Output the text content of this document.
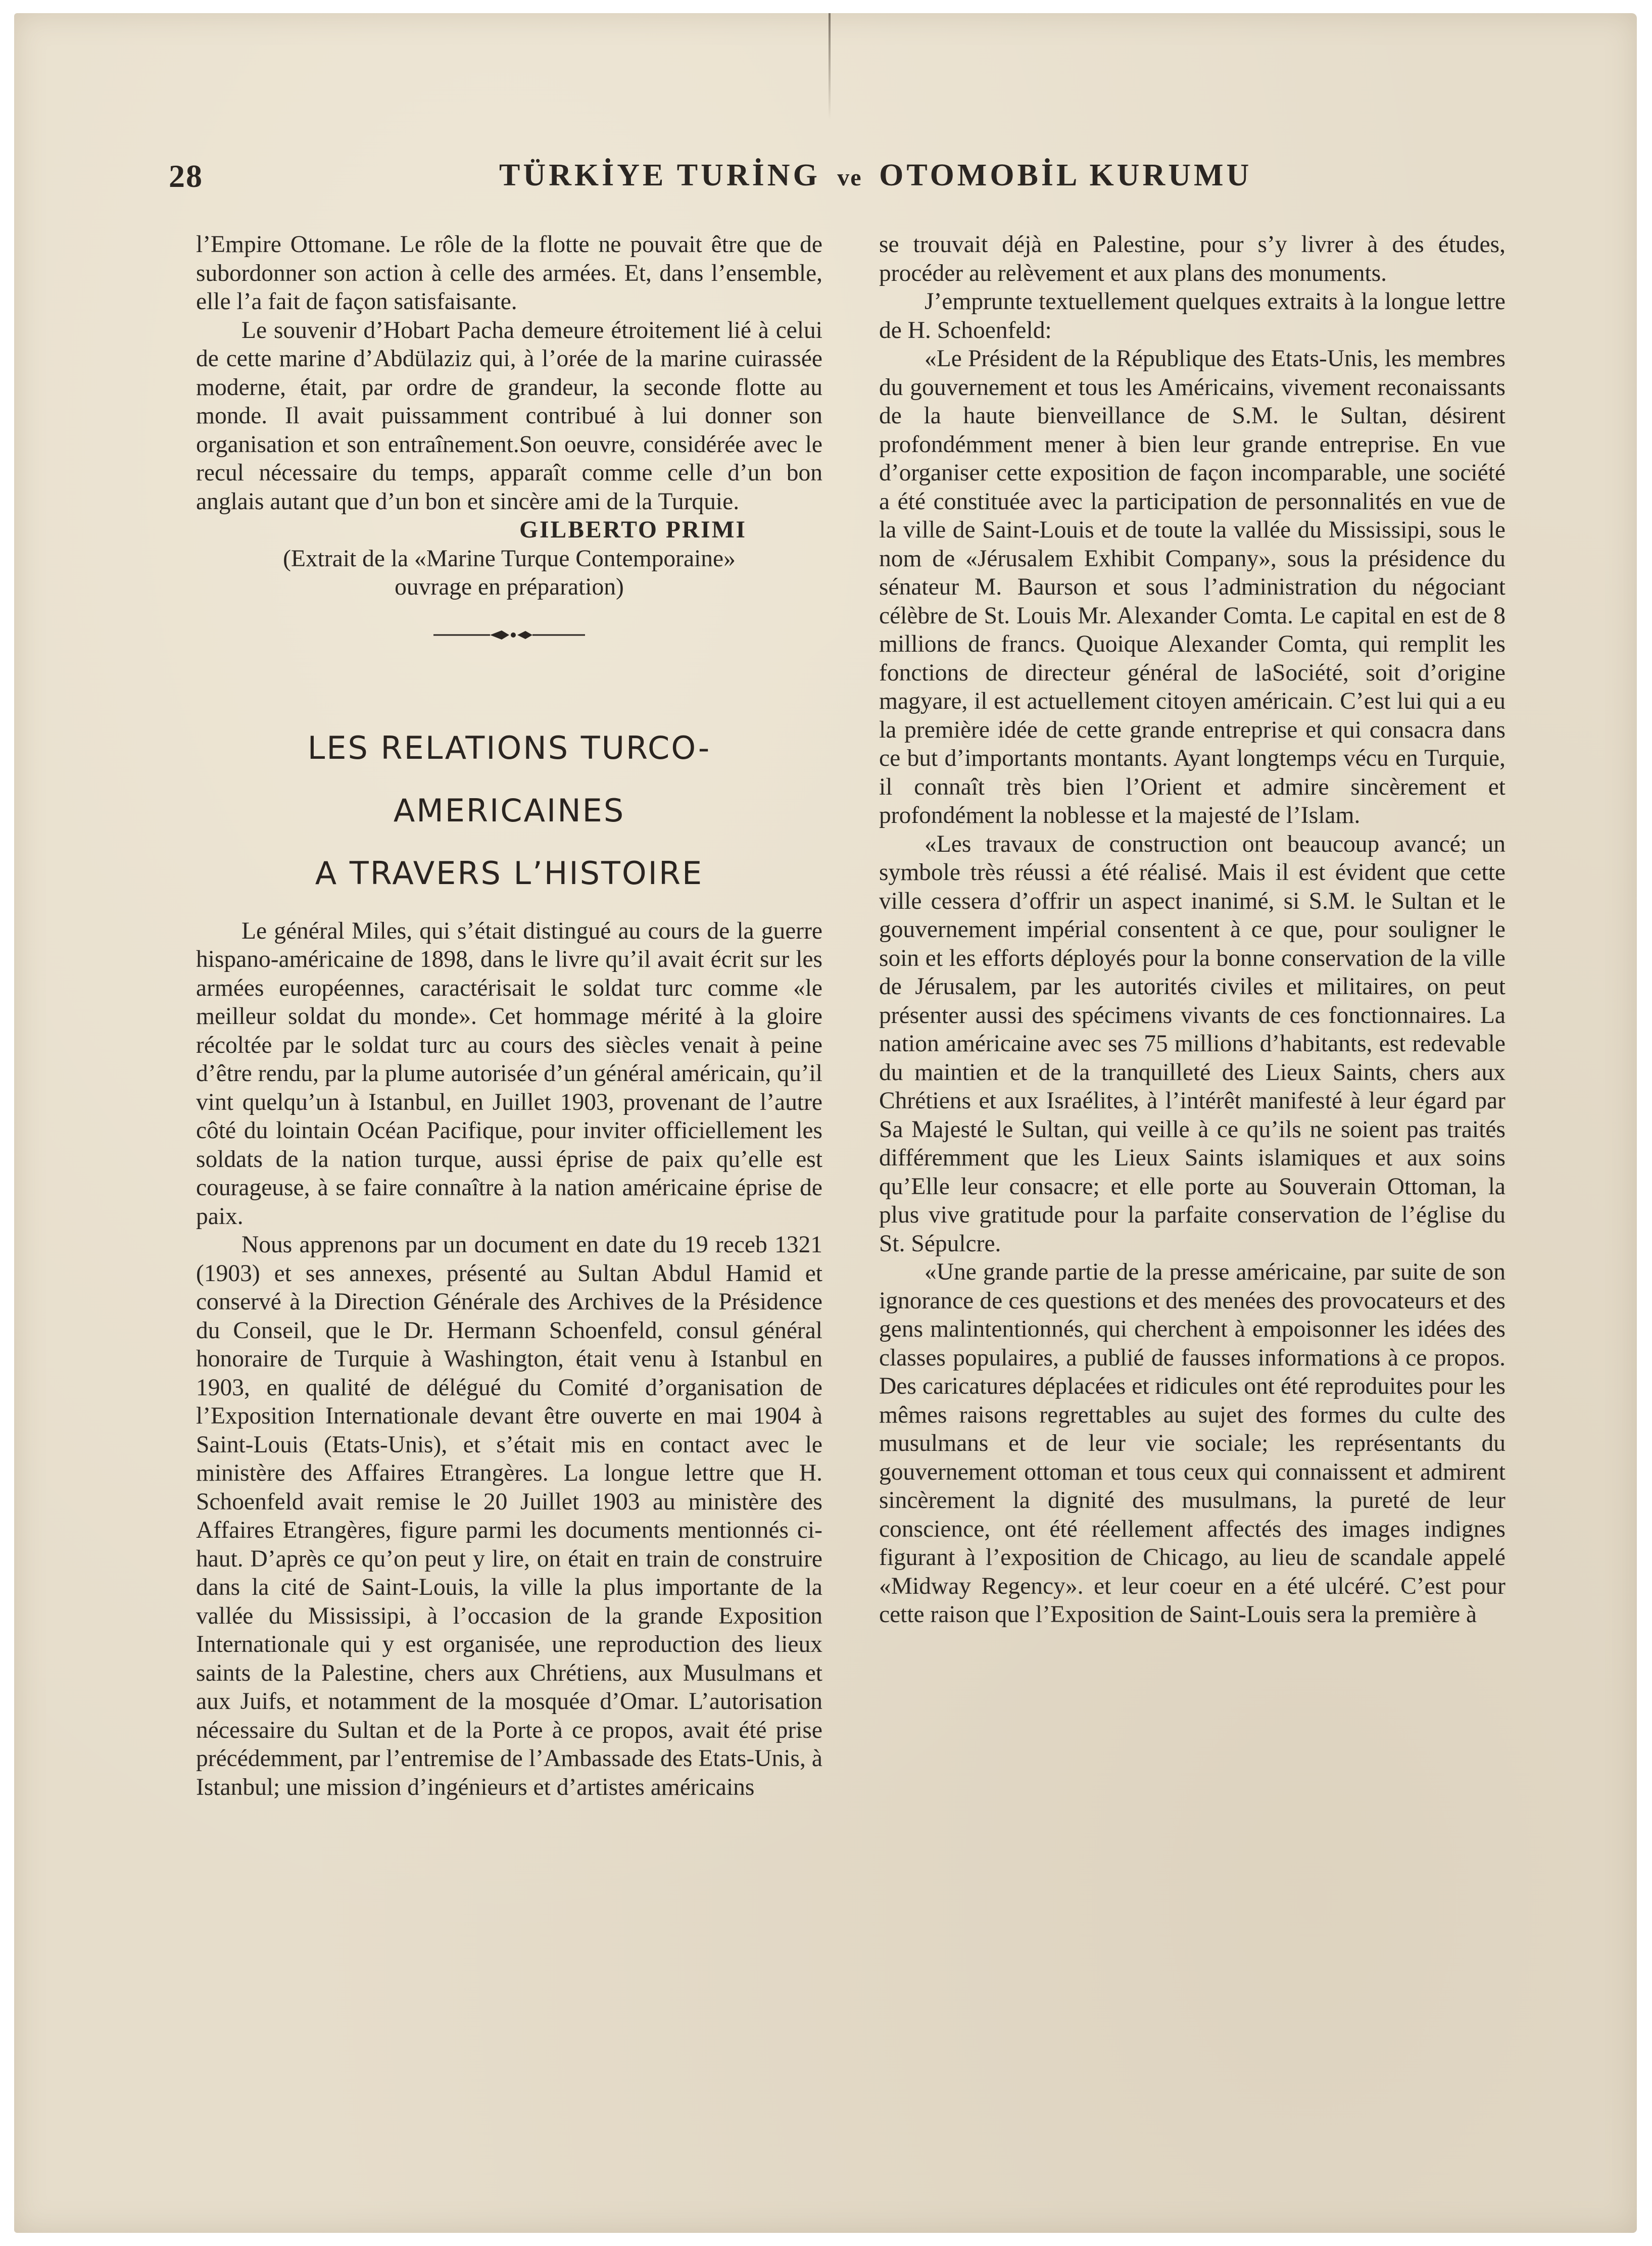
28	TÜRKİYE TURİNG ve OTOMOBİL KURUMU

l’Empire Ottomane. Le rôle de la flotte ne pouvait être que de subordonner son action à celle des armées. Et, dans l’ensemble, elle l’a fait de façon satisfaisante.

Le souvenir d’Hobart Pacha demeure étroitement lié à celui de cette marine d’Abdülaziz qui, à l’orée de la marine cuirassée moderne, était, par ordre de grandeur, la seconde flotte au monde. Il avait puissamment contribué à lui donner son organisation et son entraînement.Son oeuvre, considérée avec le recul nécessaire du temps, apparaît comme celle d’un bon anglais autant que d’un bon et sincère ami de la Turquie.

GILBERTO PRIMI

(Extrait de la «Marine Turque Contemporaine»

ouvrage en préparation)

LES RELATIONS TURCO-AMERICAINES
A TRAVERS L’HISTOIRE

Le général Miles, qui s’était distingué au cours de la guerre hispano-américaine de 1898, dans le livre qu’il avait écrit sur les armées européennes, caractérisait le soldat turc comme «le meilleur soldat du monde». Cet hommage mérité à la gloire récoltée par le soldat turc au cours des siècles venait à peine d’être rendu, par la plume autorisée d’un général américain, qu’il vint quelqu’un à Istanbul, en Juillet 1903, provenant de l’autre côté du lointain Océan Pacifique, pour inviter officiellement les soldats de la nation turque, aussi éprise de paix qu’elle est courageuse, à se faire connaître à la nation américaine éprise de paix.

Nous apprenons par un document en date du 19 receb 1321 (1903) et ses annexes, présenté au Sultan Abdul Hamid et conservé à la Direction Générale des Archives de la Présidence du Conseil, que le Dr. Hermann Schoenfeld, consul général honoraire de Turquie à Washington, était venu à Istanbul en 1903, en qualité de délégué du Comité d’organisation de l’Exposition Internationale devant être ouverte en mai 1904 à Saint-Louis (Etats-Unis), et s’était mis en contact avec le ministère des Affaires Etrangères. La longue lettre que H. Schoenfeld avait remise le 20 Juillet 1903 au ministère des Affaires Etrangères, figure parmi les documents mentionnés ci-haut. D’après ce qu’on peut y lire, on était en train de construire dans la cité de Saint-Louis, la ville la plus importante de la vallée du Mississipi, à l’occasion de la grande Exposition Internationale qui y est organisée, une reproduction des lieux saints de la Palestine, chers aux Chrétiens, aux Musulmans et aux Juifs, et notamment de la mosquée d’Omar. L’autorisation nécessaire du Sultan et de la Porte à ce propos, avait été prise précédemment, par l’entremise de l’Ambassade des Etats-Unis, à Istanbul; une mission d’ingénieurs et d’artistes américains

se trouvait déjà en Palestine, pour s’y livrer à des études, procéder au relèvement et aux plans des monuments.

J’emprunte textuellement quelques extraits à la longue lettre de H. Schoenfeld:

«Le Président de la République des Etats-Unis, les membres du gouvernement et tous les Américains, vivement reconaissants de la haute bienveillance de S.M. le Sultan, désirent profondémment mener à bien leur grande entreprise. En vue d’organiser cette exposition de façon incomparable, une société a été constituée avec la participation de personnalités en vue de la ville de Saint-Louis et de toute la vallée du Mississipi, sous le nom de «Jérusalem Exhibit Company», sous la présidence du sénateur M. Baurson et sous l’administration du négociant célèbre de St. Louis Mr. Alexander Comta. Le capital en est de 8 millions de francs. Quoique Alexander Comta, qui remplit les fonctions de directeur général de laSociété, soit d’origine magyare, il est actuellement citoyen américain. C’est lui qui a eu la première idée de cette grande entreprise et qui consacra dans ce but d’importants montants. Ayant longtemps vécu en Turquie, il connaît très bien l’Orient et admire sincèrement et profondément la noblesse et la majesté de l’Islam.

«Les travaux de construction ont beaucoup avancé; un symbole très réussi a été réalisé. Mais il est évident que cette ville cessera d’offrir un aspect inanimé, si S.M. le Sultan et le gouvernement impérial consentent à ce que, pour souligner le soin et les efforts déployés pour la bonne conservation de la ville de Jérusalem, par les autorités civiles et militaires, on peut présenter aussi des spécimens vivants de ces fonctionnaires. La nation américaine avec ses 75 millions d’habitants, est redevable du maintien et de la tranquilleté des Lieux Saints, chers aux Chrétiens et aux Israélites, à l’intérêt manifesté à leur égard par Sa Majesté le Sultan, qui veille à ce qu’ils ne soient pas traités différemment que les Lieux Saints islamiques et aux soins qu’Elle leur consacre; et elle porte au Souverain Ottoman, la plus vive gratitude pour la parfaite conservation de l’église du St. Sépulcre.

«Une grande partie de la presse américaine, par suite de son ignorance de ces questions et des menées des provocateurs et des gens malintentionnés, qui cherchent à empoisonner les idées des classes populaires, a publié de fausses informations à ce propos. Des caricatures déplacées et ridicules ont été reproduites pour les mêmes raisons regrettables au sujet des formes du culte des musulmans et de leur vie sociale; les représentants du gouvernement ottoman et tous ceux qui connaissent et admirent sincèrement la dignité des musulmans, la pureté de leur conscience, ont été réellement affectés des images indignes figurant à l’exposition de Chicago, au lieu de scandale appelé «Midway Regency». et leur coeur en a été ulcéré. C’est pour cette raison que l’Exposition de Saint-Louis sera la première à
